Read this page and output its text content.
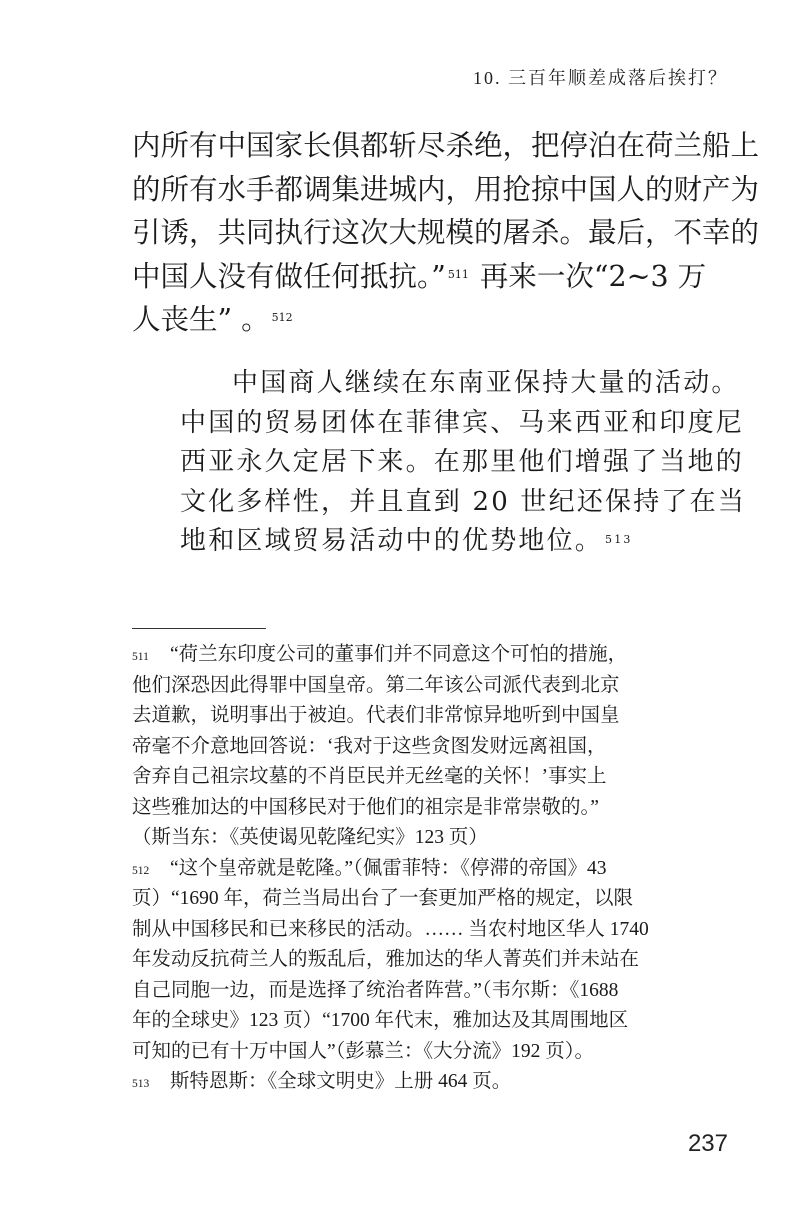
10. 三百年顺差成落后挨打？
内所有中国家长俱都斩尽杀绝，把停泊在荷兰船上
的所有水手都调集进城内，用抢掠中国人的财产为
引诱，共同执行这次大规模的屠杀。最后，不幸的
中国人没有做任何抵抗。” $^{511}$ 再来一次“2~3 万
人丧生” 。 $^{512}$
中国商人继续在东南亚保持大量的活动。
中国的贸易团体在菲律宾、马来西亚和印度尼
西亚永久定居下来。在那里他们增强了当地的
文化多样性，并且直到 20 世纪还保持了在当
地和区域贸易活动中的优势地位。 $^{513}$
511 “荷兰东印度公司的董事们并不同意这个可怕的措施，
他们深恐因此得罪中国皇帝。第二年该公司派代表到北京
去道歉，说明事出于被迫。代表们非常惊异地听到中国皇
帝毫不介意地回答说：‘我对于这些贪图发财远离祖国，
舍弃自己祖宗坟墓的不肖臣民并无丝毫的关怀！’事实上
这些雅加达的中国移民对于他们的祖宗是非常崇敬的。”
（斯当东：《英使谒见乾隆纪实》123 页）
512 “这个皇帝就是乾隆。”（佩雷菲特：《停滞的帝国》43
页）“1690 年，荷兰当局出台了一套更加严格的规定，以限
制从中国移民和已来移民的活动。…… 当农村地区华人 1740
年发动反抗荷兰人的叛乱后，雅加达的华人菁英们并未站在
自己同胞一边，而是选择了统治者阵营。”（韦尔斯：《1688
年的全球史》123 页）“1700 年代末，雅加达及其周围地区
可知的已有十万中国人”（彭慕兰：《大分流》192 页）。
513 斯特恩斯：《全球文明史》上册 464 页。
237
